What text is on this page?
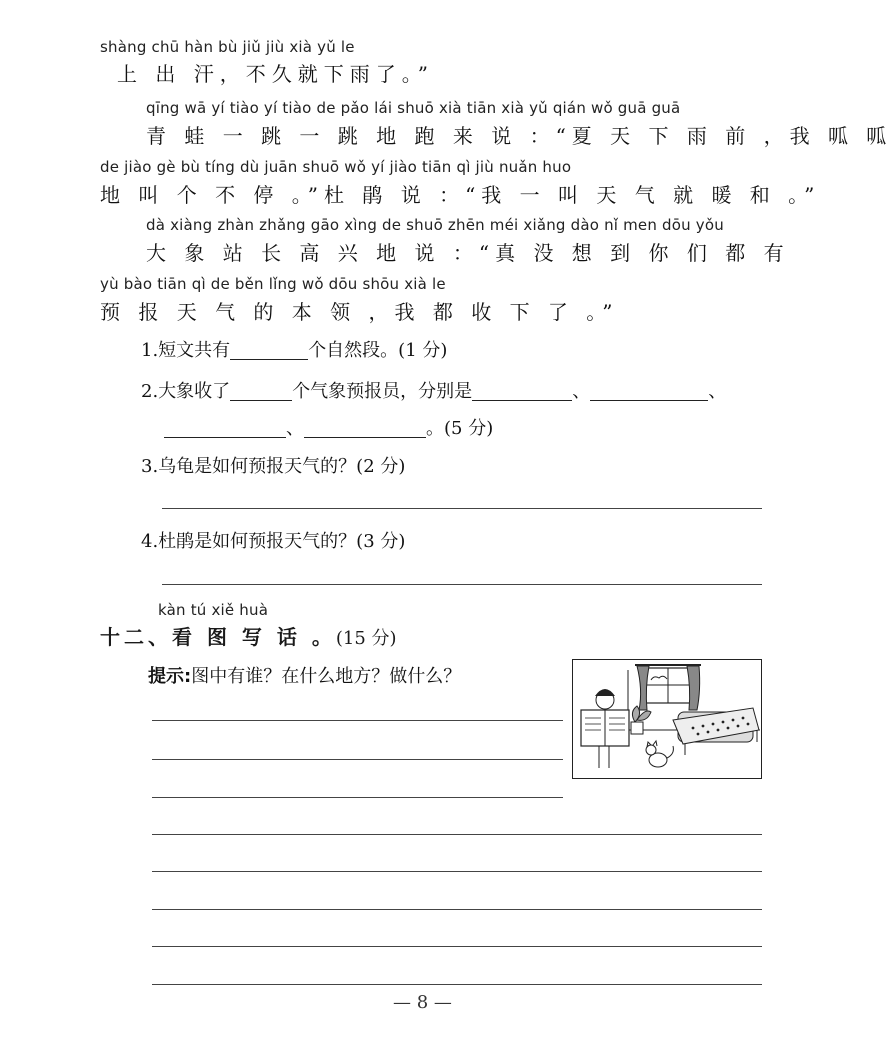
shàng chū hàn bù jiǔ jiù xià yǔ le
上 出 汗，不久就下雨了。”
qīng wā yí tiào yí tiào de pǎo lái shuō xià tiān xià yǔ qián wǒ guā guā
青 蛙 一 跳 一 跳 地 跑 来 说 ：“夏 天 下 雨 前 ，我 呱 呱
de jiào gè bù tíng dù juān shuō wǒ yí jiào tiān qì jiù nuǎn huo
地 叫 个 不 停 。”杜 鹃 说 ：“我 一 叫 天 气 就 暖 和 。”
dà xiàng zhàn zhǎng gāo xìng de shuō zhēn méi xiǎng dào nǐ men dōu yǒu
大 象 站 长 高 兴 地 说 ：“真 没 想 到 你 们 都 有
yù bào tiān qì de běn lǐng wǒ dōu shōu xià le
预 报 天 气 的 本 领 ，我 都 收 下 了 。”
1.短文共有	个自然段。(1 分)
2.大象收了	个气象预报员，分别是	、	、
、	。(5 分)
3.乌龟是如何预报天气的？(2 分)
4.杜鹃是如何预报天气的？(3 分)
kàn tú xiě huà
十二、看 图 写 话 。(15 分)
提示:图中有谁？在什么地方？做什么？
— 8 —
